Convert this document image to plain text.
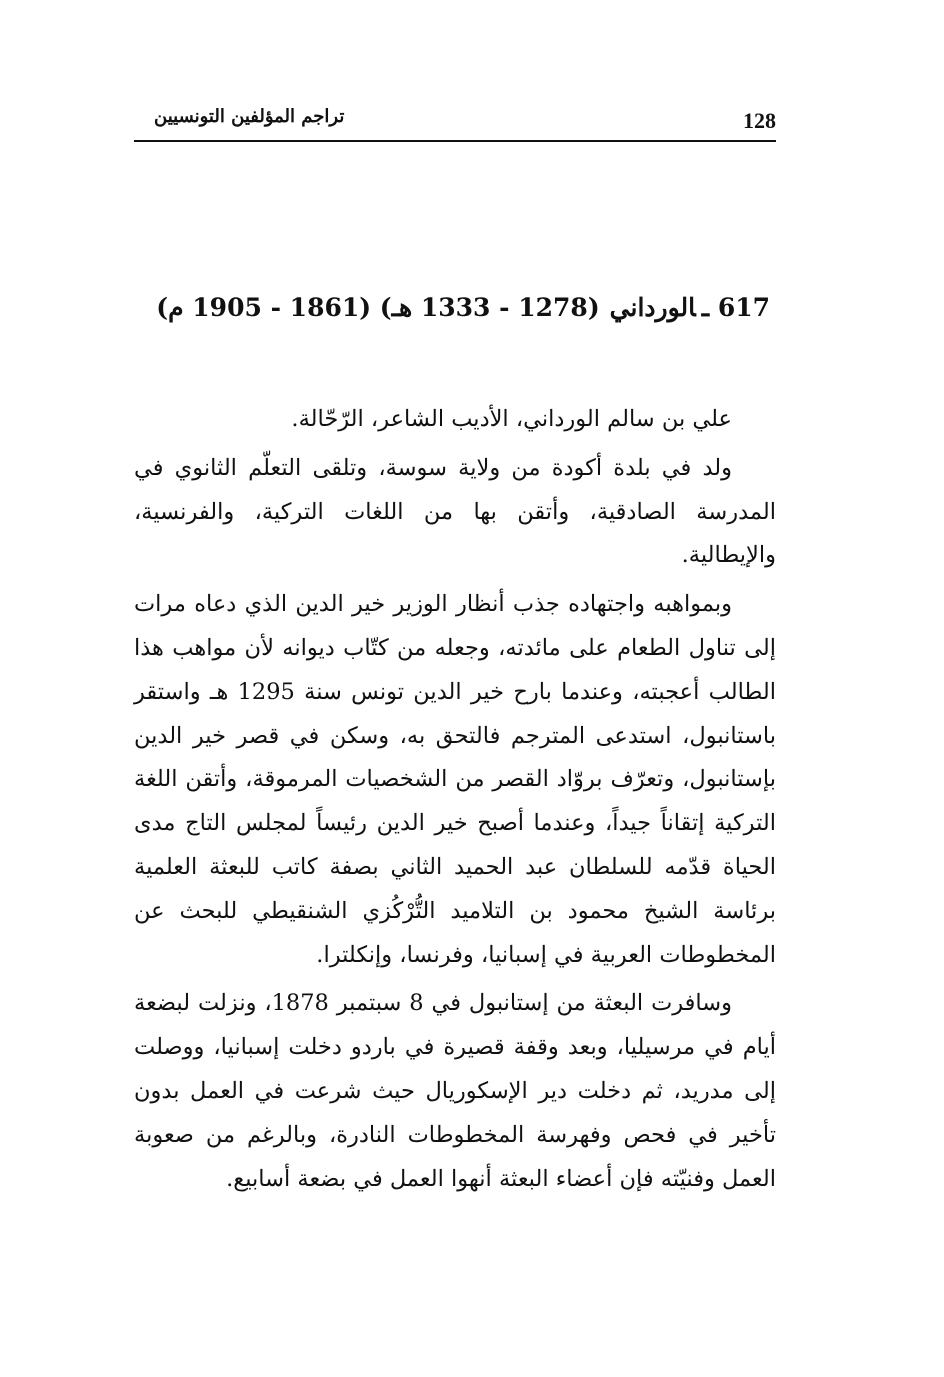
128
تراجم المؤلفين التونسيين
617 ـالورداني(1278 - 1333 هـ) (1861 - 1905 م)

علي بن سالم الورداني، الأديب الشاعر، الرّحّالة.

ولد في بلدة أكودة من ولاية سوسة، وتلقى التعلّم الثانوي في المدرسة الصادقية، وأتقن بها من اللغات التركية، والفرنسية، والإيطالية.

وبمواهبه واجتهاده جذب أنظار الوزير خير الدين الذي دعاه مرات إلى تناول الطعام على مائدته، وجعله من كتّاب ديوانه لأن مواهب هذا الطالب أعجبته، وعندما بارح خير الدين تونس سنة 1295 هـ واستقر باستانبول، استدعى المترجم فالتحق به، وسكن في قصر خير الدين بإستانبول، وتعرّف بروّاد القصر من الشخصيات المرموقة، وأتقن اللغة التركية إتقاناً جيداً، وعندما أصبح خير الدين رئيساً لمجلس التاج مدى الحياة قدّمه للسلطان عبد الحميد الثاني بصفة كاتب للبعثة العلمية برئاسة الشيخ محمود بن التلاميد التُّرْكُزي الشنقيطي للبحث عن المخطوطات العربية في إسبانيا، وفرنسا، وإنكلترا.

وسافرت البعثة من إستانبول في 8 سبتمبر 1878، ونزلت لبضعة أيام في مرسيليا، وبعد وقفة قصيرة في باردو دخلت إسبانيا، ووصلت إلى مدريد، ثم دخلت دير الإسكوريال حيث شرعت في العمل بدون تأخير في فحص وفهرسة المخطوطات النادرة، وبالرغم من صعوبة العمل وفنيّته فإن أعضاء البعثة أنهوا العمل في بضعة أسابيع.
